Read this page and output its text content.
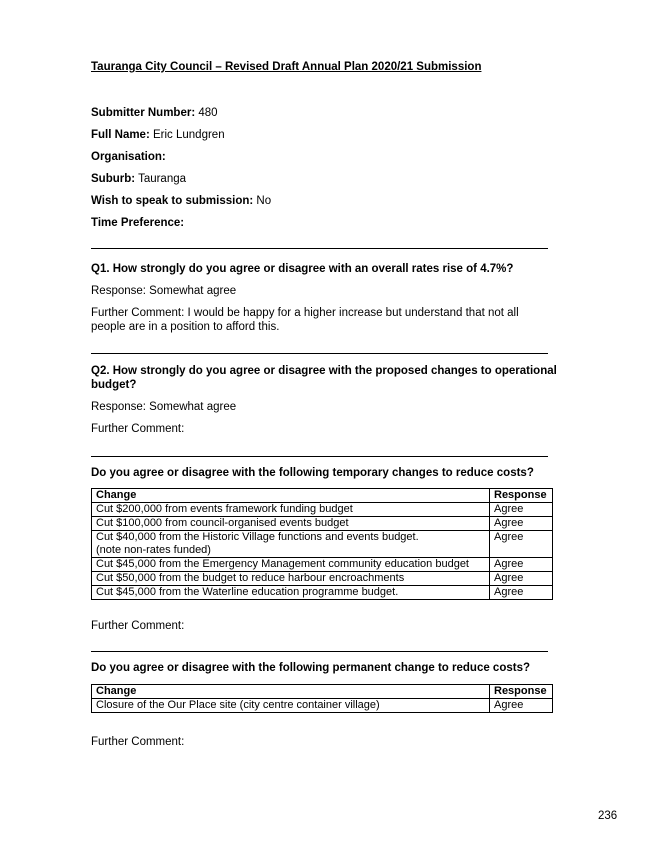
Tauranga City Council – Revised Draft Annual Plan 2020/21 Submission
Submitter Number: 480
Full Name: Eric Lundgren
Organisation:
Suburb: Tauranga
Wish to speak to submission: No
Time Preference:
Q1. How strongly do you agree or disagree with an overall rates rise of 4.7%?
Response: Somewhat agree
Further Comment: I would be happy for a higher increase but understand that not all people are in a position to afford this.
Q2. How strongly do you agree or disagree with the proposed changes to operational budget?
Response: Somewhat agree
Further Comment:
Do you agree or disagree with the following temporary changes to reduce costs?
Change	Response
Cut $200,000 from events framework funding budget	Agree
Cut $100,000 from council-organised events budget	Agree

Cut $40,000 from the Historic Village functions and events budget.
(note non-rates funded)	Agree
Cut $45,000 from the Emergency Management community education budget	Agree
Cut $50,000 from the budget to reduce harbour encroachments	Agree
Cut $45,000 from the Waterline education programme budget.	Agree
Further Comment:
Do you agree or disagree with the following permanent change to reduce costs?
Change	Response
Closure of the Our Place site (city centre container village)	Agree
Further Comment:
236
